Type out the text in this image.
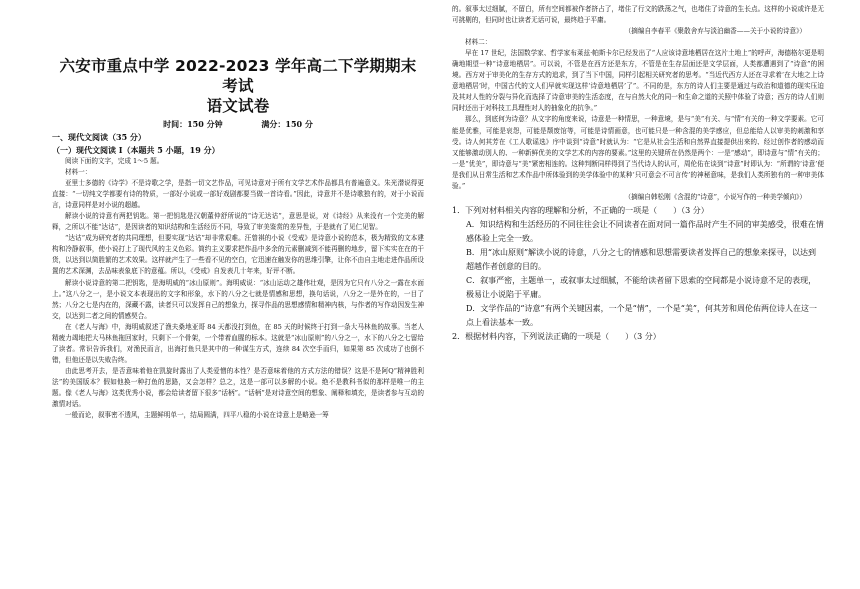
六安市重点中学 2022-2023 学年高二下学期期末考试
语文试卷
时间：150 分钟	满分：150 分
一、现代文阅读（35 分）
（一）现代文阅读 I（本题共 5 小题，19 分）

阅读下面的文字，完成 1～5 题。

材料一：

亚里士多德的《诗学》不是诗歌之学，是指一切文艺作品，可见诗意对于所有文学艺术作品都具有普遍意义。朱光潜说得更直接：“一切纯文学都要有诗的特质，一部好小说或一部好戏剧都要当做一首诗看。”因此，诗意并不是诗歌独有的，对于小说而言，诗意同样是对小说的超越。

解读小说的诗意有两把钥匙。第一把钥匙是汉朝董仲舒所说的“诗无达诂”，意思是说，对《诗经》从来没有一个完美的解释，之所以不能“达诂”，是因读者的知识结构和生活经历不同，导致了审美鉴赏的差异性，于是就有了见仁见智。

“达诂”成为研究者的共同理想，但要实现“达诂”却非常艰难。汪曾祺的小说《受戒》是诗意小说的范本，极为精致的文本建构和冷静叙事，使小说打上了现代风的主义色彩。简约主义要求把作品中多余的元素删减到不能再删的地步，留下实实在在的干货，以达到以简胜繁的艺术效果。这样就产生了一些看不见的空白，它迅速在触发你的思维引擎，让你不由自主地走进作品所设置的艺术深渊，去品味表象底下的意蕴。所以，《受戒》自发表几十年来，好评不断。

解读小说诗意的第二把钥匙，是海明威的“冰山原则”。海明威说：“冰山运动之雄伟壮观，是因为它只有八分之一露在水面上。”这八分之一，是小说文本表现出的文字和形象，水下的八分之七就是情感和思想，换句话说，八分之一是外在的，一目了然；八分之七是内在的，深藏不露，读者只可以发挥自己的想象力，探寻作品的思想感情和精神内核，与作者的写作动因发生神交，以达到二者之间的情感契合。

在《老人与海》中，海明威叙述了渔夫桑地亚哥 84 天都没打到鱼，在 85 天的时候终于打到一条大马林鱼的故事。当老人精疲力竭地把大马林鱼拖回家时，只剩下一个骨架，一个带着血腥的标本。这就是“冰山原则”的八分之一，水下的八分之七留给了读者。常识告诉我们，对渔民而言，出海打鱼只是其中的一种谋生方式，连续 84 次空手而归，如果第 85 次成功了也倒不错，但他还是以失败告终。

由此思考开去，是否意味着他在凯旋时露出了人类爱憎的本性？是否意味着他的方式方法的错误？这是不是阿Q“精神胜利法”的美国版本？假如他换一种打鱼的思路，又会怎样？总之，这是一部可以多解的小说。绝不是教科书似的那样是唯一的主题。像《老人与海》这类优秀小说，都会给读者留下很多“话柄”。“话柄”是对诗意空间的想象、阐释和填充，是读者参与互动的激情对话。

一般而论，叙事密不透风，主题鲜明单一，结局圆满，四平八稳的小说在诗意上是略逊一筹

的。叙事太过细腻，不留白，所有空间都被作者挤占了，堵住了行文的跌荡之气，也堵住了诗意的生长点。这样的小说或许是无可挑剔的，但同时也让读者无话可说，最终趋于平庸。

（摘编自李春平《聚散舍弃与淡泊幽香——关于小说的诗意》）

材料二：

早在 17 世纪，法国数学家、哲学家布莱兹·帕斯卡尔已经发出了“人应该诗意地栖居在这片土地上”的呼声，海德格尔更是明确地期望一种“诗意地栖居”。可以说，不管是在西方还是东方，不管是在生存层面还是文学层面，人类都遭遇到了“诗意”的困境。西方对于审美化的生存方式的追求，到了当下中国，同样引起相关研究者的思考。“当近代西方人还在寻求着‘在大地之上诗意地栖居’时，中国古代的文人们早就实现这样‘诗意地栖居’了”。不同的是，东方的诗人们主要是通过与政治和道德的现实压迫及其对人性的分裂与异化而选择了诗意审美的生活态度，在与自然大化的同一和生命之道的关照中体验了诗意；西方的诗人们则同时还出于对科技工具理性对人的抽象化的抗争。”

那么，到底何为诗意？从文字的角度来说，诗意是一种情思，一种意境，是与“美”有关、与“情”有关的一种文学要素。它可能是优雅，可能是哀怨，可能是颓废馆等，可能是诗情画意，也可能只是一种含混的美学感应，但总能给人以审美的刺激和享受。诗人何其芳在《工人歌谣选》序中谈到“诗意”时就认为：“它是从社会生活和自然界直接提供出来的、经过创作者的感动而又能够激动别人的、一种新鲜优美的文学艺术的内容的要素。”这里的关键所在仍然是两个：一是“感动”，即诗意与“情”有关的；一是“优美”，即诗意与“美”紧密相连的。这种判断同样得到了当代诗人的认可，周伦佑在谈到“诗意”时即认为：“所谓的‘诗意’便是我们从日常生活和艺术作品中所体验到的美学体验中的某种‘只可意会不可言传’的神秘意味，是我们人类所独有的一种审美体验。”

（摘编自韩松刚《含混的“诗意”，小说写作的一种美学倾向》）

1．下列对材料相关内容的理解和分析，不正确的一项是（　　）（3 分）

A．知识结构和生活经历的不同往往会让不同读者在面对同一篇作品时产生不同的审美感受，很难在情感体验上完全一致。

B．用“冰山原则”解读小说的诗意，八分之七的情感和思想需要读者发挥自己的想象来探寻，以达到超越作者创意的目的。

C．叙事严密，主题单一，或叙事太过细腻，不能给读者留下思索的空间都是小说诗意不足的表现，极易让小说陷于平庸。

D．文学作品的“诗意”有两个关键因素，一个是“情”，一个是“美”，何其芳和周伦佑两位诗人在这一点上看法基本一致。

2．根据材料内容，下列说法正确的一项是（　　）（3 分）
